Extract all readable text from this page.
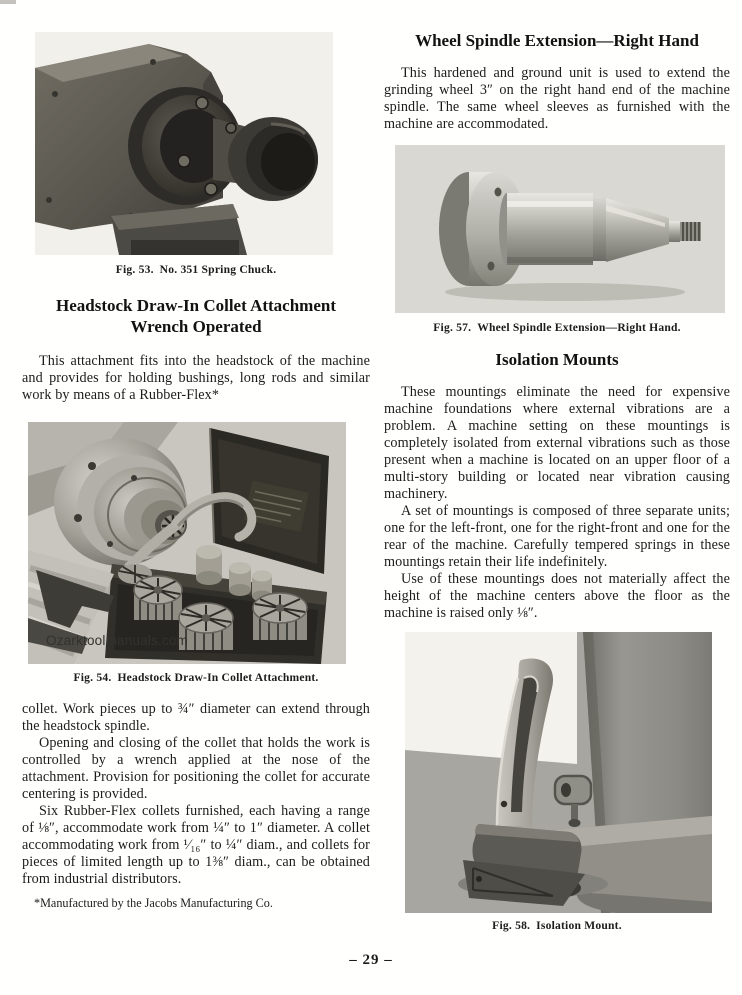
Fig. 53. No. 351 Spring Chuck.
Headstock Draw-In Collet Attachment
Wrench Operated

This attachment fits into the headstock of the machine and provides for holding bushings, long rods and similar work by means of a Rubber-Flex*

Ozarktoolmanuals.com
Fig. 54. Headstock Draw-In Collet Attachment.

collet. Work pieces up to ¾″ diameter can extend through the headstock spindle.

Opening and closing of the collet that holds the work is controlled by a wrench applied at the nose of the attachment. Provision for positioning the collet for accurate centering is provided.

Six Rubber-Flex collets furnished, each having a range of ⅛″, accommodate work from ¼″ to 1″ diameter. A collet accommodating work from ¹⁄₁₆″ to ¼″ diam., and collets for pieces of limited length up to 1⅜″ diam., can be obtained from industrial distributors.

*Manufactured by the Jacobs Manufacturing Co.

Wheel Spindle Extension—Right Hand

This hardened and ground unit is used to extend the grinding wheel 3″ on the right hand end of the machine spindle. The same wheel sleeves as furnished with the machine are accommodated.

Fig. 57. Wheel Spindle Extension—Right Hand.
Isolation Mounts

These mountings eliminate the need for expensive machine foundations where external vibrations are a problem. A machine setting on these mountings is completely isolated from external vibrations such as those present when a machine is located on an upper floor of a multi-story building or located near vibration causing machinery.

A set of mountings is composed of three separate units; one for the left-front, one for the right-front and one for the rear of the machine. Carefully tempered springs in these mountings retain their life indefinitely.

Use of these mountings does not materially affect the height of the machine centers above the floor as the machine is raised only ⅛″.

Fig. 58. Isolation Mount.
– 29 –
